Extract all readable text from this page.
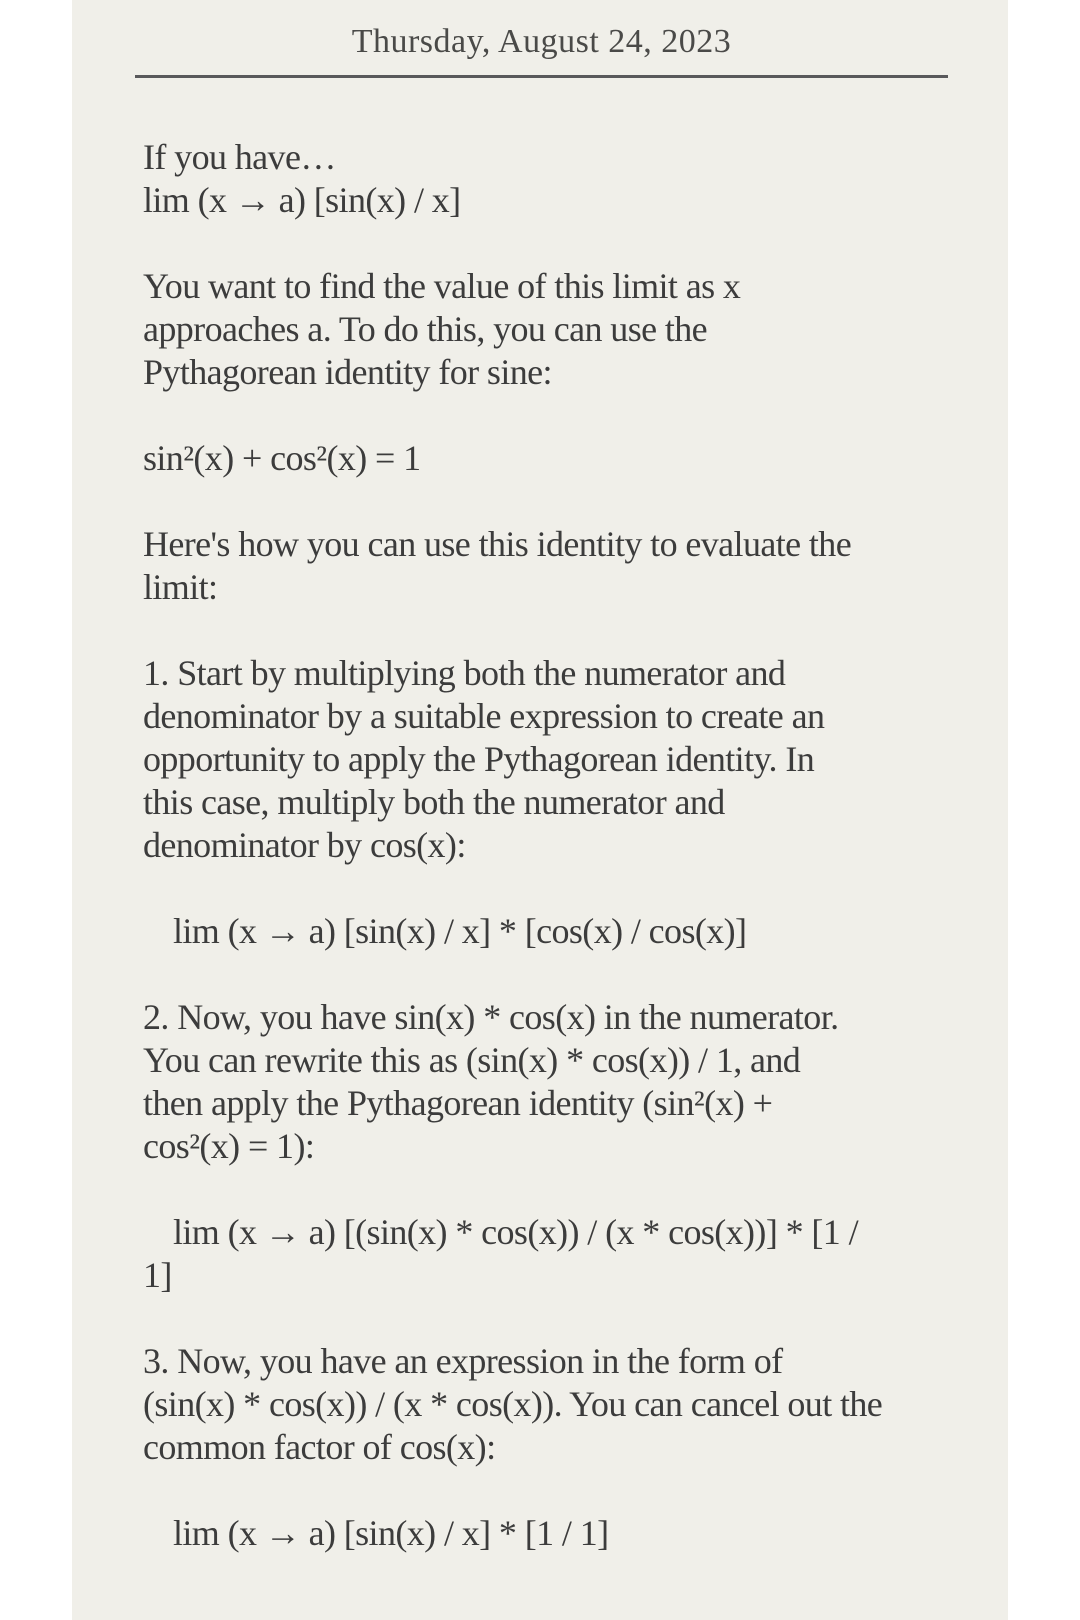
Thursday, August 24, 2023
If you have…
lim (x → a) [sin(x) / x]
You want to find the value of this limit as x
approaches a. To do this, you can use the
Pythagorean identity for sine:
sin²(x) + cos²(x) = 1
Here's how you can use this identity to evaluate the
limit:
1. Start by multiplying both the numerator and
denominator by a suitable expression to create an
opportunity to apply the Pythagorean identity. In
this case, multiply both the numerator and
denominator by cos(x):
lim (x → a) [sin(x) / x] * [cos(x) / cos(x)]
2. Now, you have sin(x) * cos(x) in the numerator.
You can rewrite this as (sin(x) * cos(x)) / 1, and
then apply the Pythagorean identity (sin²(x) +
cos²(x) = 1):
lim (x → a) [(sin(x) * cos(x)) / (x * cos(x))] * [1 /
1]
3. Now, you have an expression in the form of
(sin(x) * cos(x)) / (x * cos(x)). You can cancel out the
common factor of cos(x):
lim (x → a) [sin(x) / x] * [1 / 1]
